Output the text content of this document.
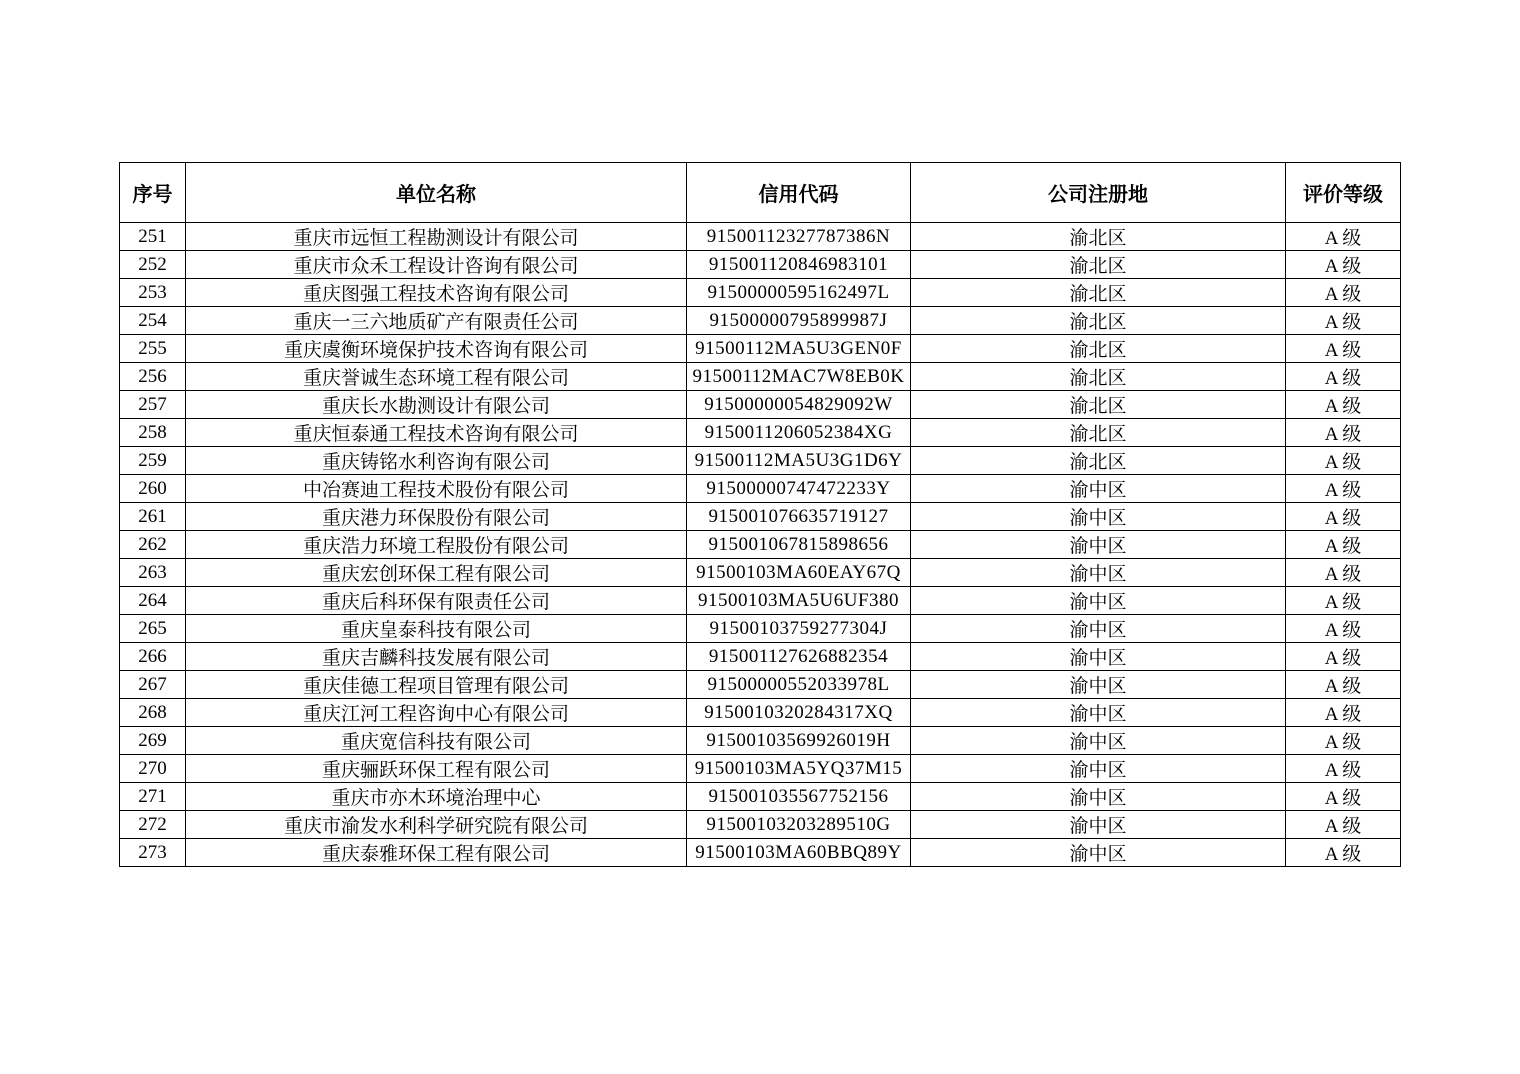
序号	单位名称	信用代码	公司注册地	评价等级
251	重庆市远恒工程勘测设计有限公司	91500112327787386N	渝北区	A 级
252	重庆市众禾工程设计咨询有限公司	915001120846983101	渝北区	A 级
253	重庆图强工程技术咨询有限公司	91500000595162497L	渝北区	A 级
254	重庆一三六地质矿产有限责任公司	91500000795899987J	渝北区	A 级
255	重庆虞衡环境保护技术咨询有限公司	91500112MA5U3GEN0F	渝北区	A 级
256	重庆誉诚生态环境工程有限公司	91500112MAC7W8EB0K	渝北区	A 级
257	重庆长水勘测设计有限公司	91500000054829092W	渝北区	A 级
258	重庆恒泰通工程技术咨询有限公司	9150011206052384XG	渝北区	A 级
259	重庆铸铭水利咨询有限公司	91500112MA5U3G1D6Y	渝北区	A 级
260	中冶赛迪工程技术股份有限公司	91500000747472233Y	渝中区	A 级
261	重庆港力环保股份有限公司	915001076635719127	渝中区	A 级
262	重庆浩力环境工程股份有限公司	915001067815898656	渝中区	A 级
263	重庆宏创环保工程有限公司	91500103MA60EAY67Q	渝中区	A 级
264	重庆后科环保有限责任公司	91500103MA5U6UF380	渝中区	A 级
265	重庆皇泰科技有限公司	91500103759277304J	渝中区	A 级
266	重庆吉麟科技发展有限公司	915001127626882354	渝中区	A 级
267	重庆佳德工程项目管理有限公司	91500000552033978L	渝中区	A 级
268	重庆江河工程咨询中心有限公司	9150010320284317XQ	渝中区	A 级
269	重庆宽信科技有限公司	91500103569926019H	渝中区	A 级
270	重庆骊跃环保工程有限公司	91500103MA5YQ37M15	渝中区	A 级
271	重庆市亦木环境治理中心	915001035567752156	渝中区	A 级
272	重庆市渝发水利科学研究院有限公司	91500103203289510G	渝中区	A 级
273	重庆泰雅环保工程有限公司	91500103MA60BBQ89Y	渝中区	A 级
